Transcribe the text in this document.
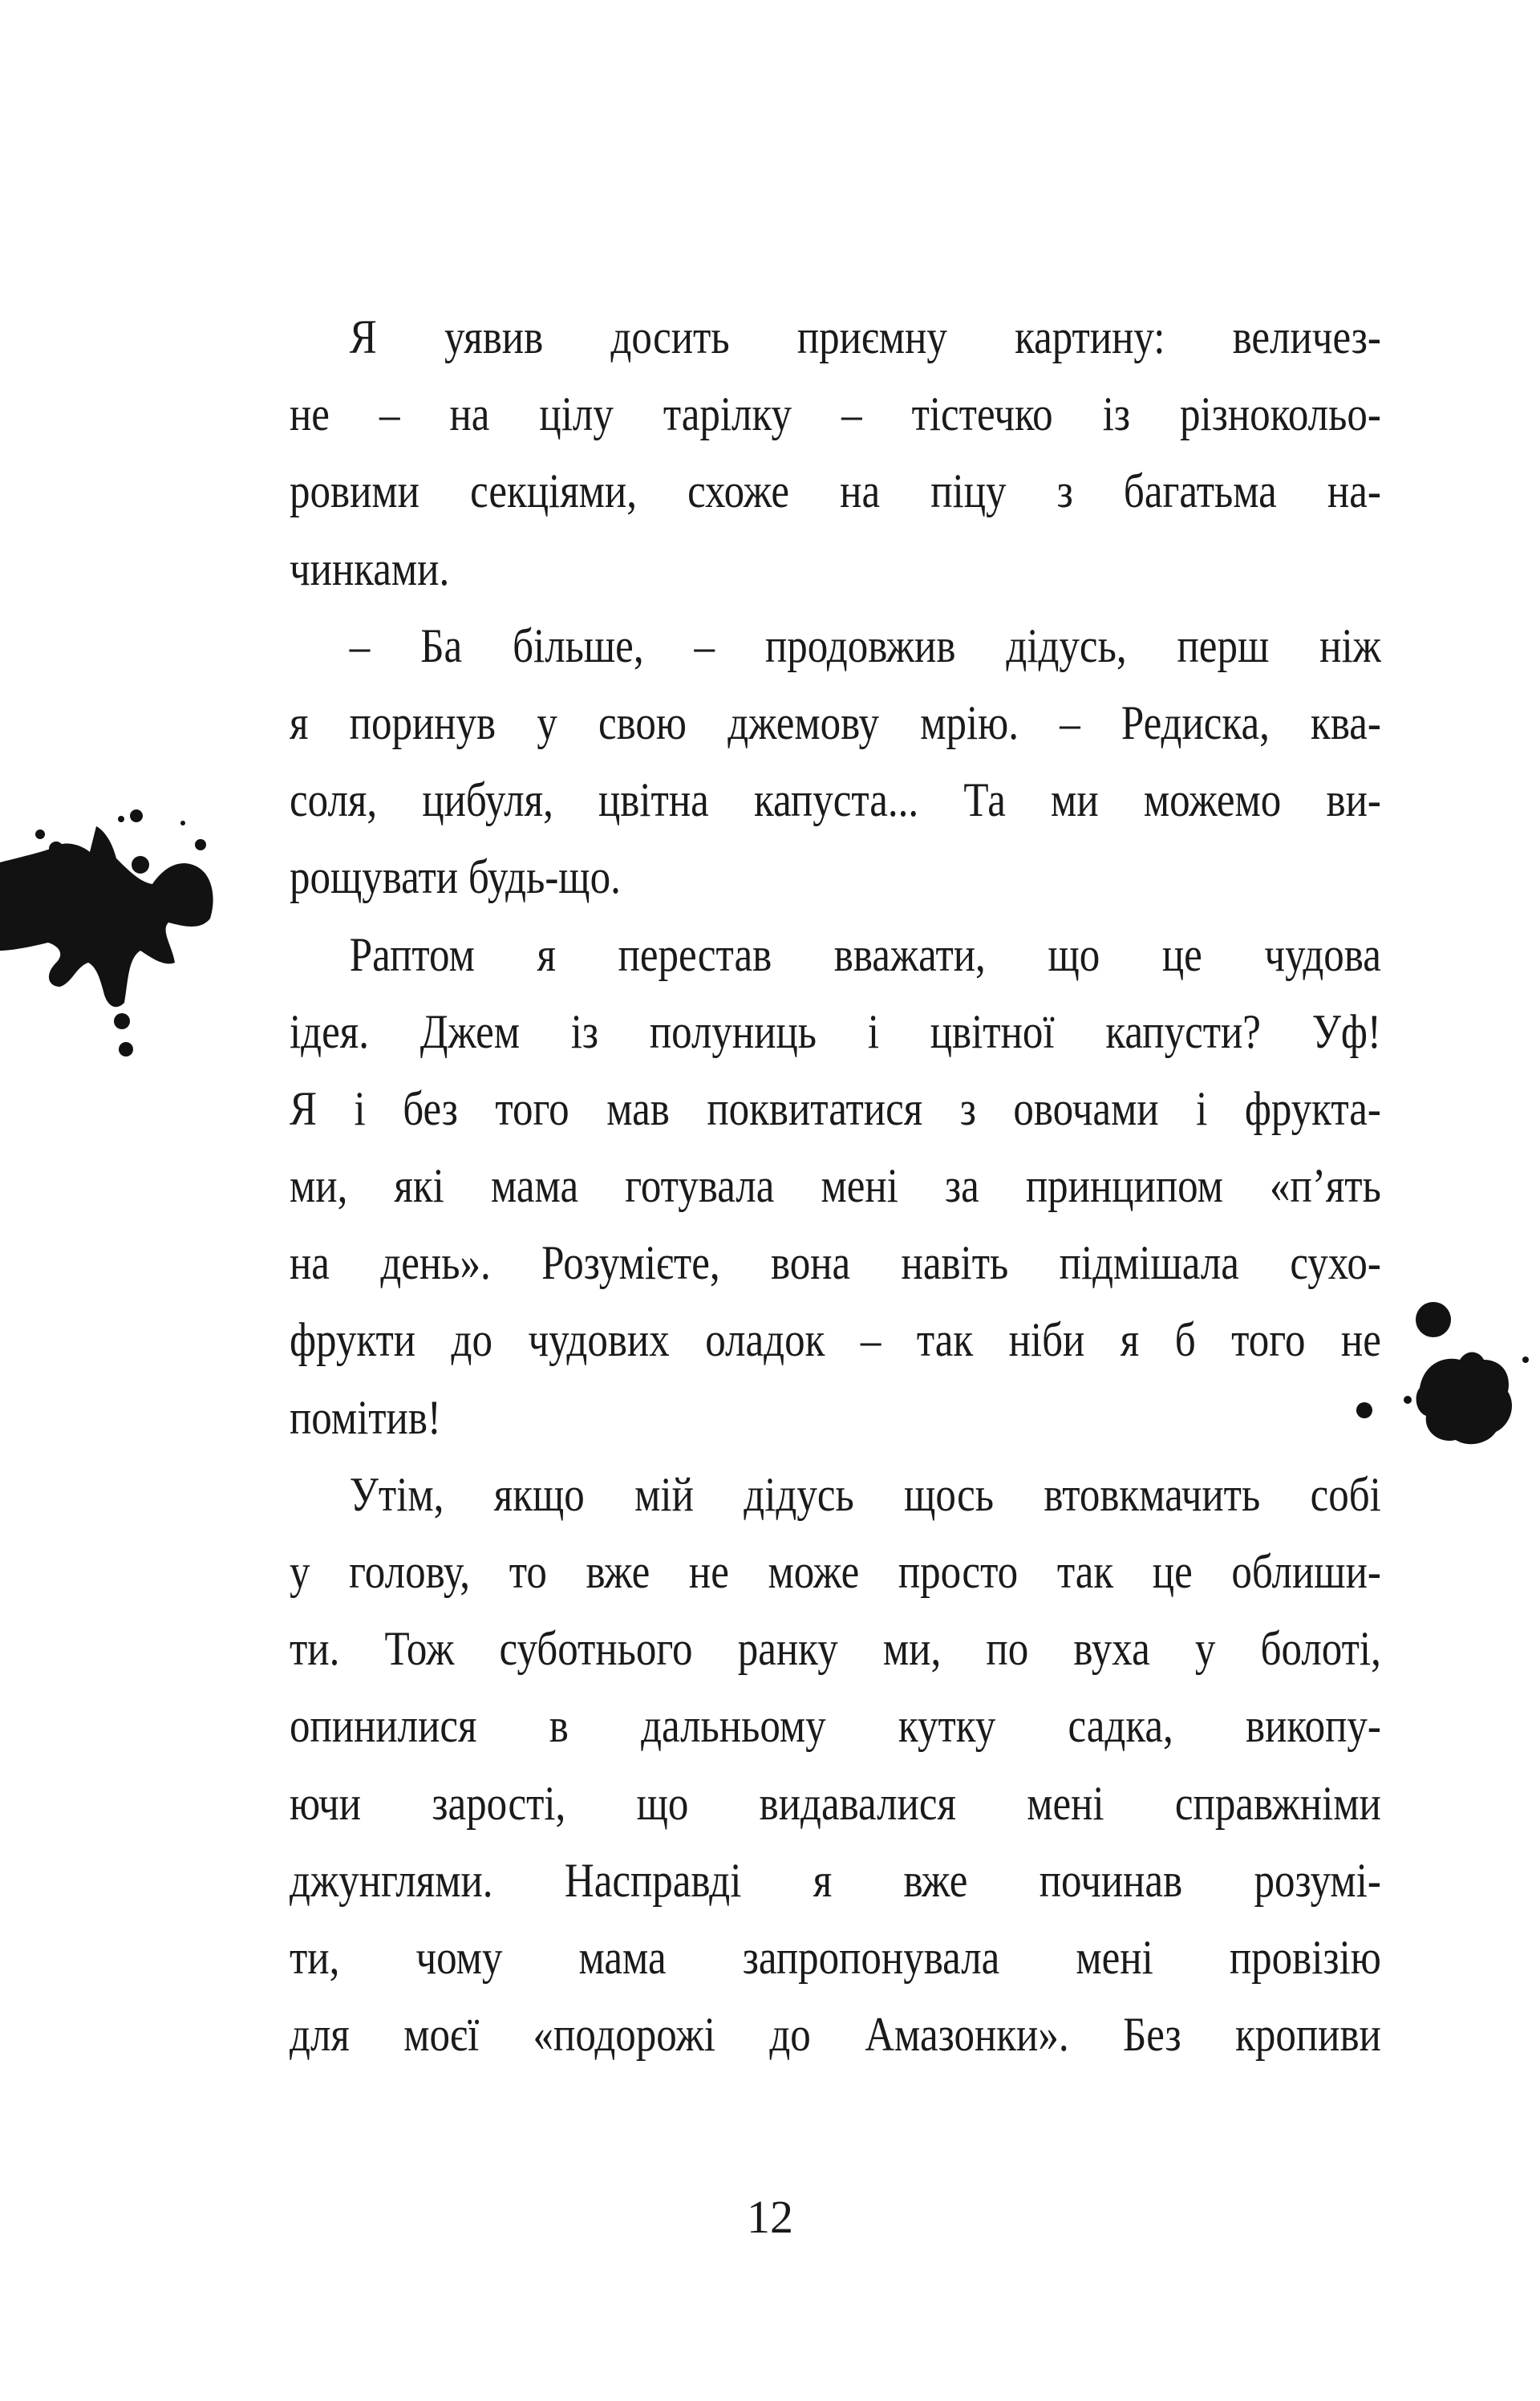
Я уявив досить приємну картину: величез-
не – на цілу тарілку – тістечко із різнокольо-
ровими секціями, схоже на піцу з багатьма на-
чинками.
– Ба більше, – продовжив дідусь, перш ніж
я поринув у свою джемову мрію. – Редиска, ква-
соля, цибуля, цвітна капуста... Та ми можемо ви-
рощувати будь-що.
Раптом я перестав вважати, що це чудова
ідея. Джем із полуниць і цвітної капусти? Уф!
Я і без того мав поквитатися з овочами і фрукта-
ми, які мама готувала мені за принципом «п’ять
на день». Розумієте, вона навіть підмішала сухо-
фрукти до чудових оладок – так ніби я б того не
помітив!
Утім, якщо мій дідусь щось втовкмачить собі
у голову, то вже не може просто так це облиши-
ти. Тож суботнього ранку ми, по вуха у болоті,
опинилися в дальньому кутку садка, викопу-
ючи зарості, що видавалися мені справжніми
джунглями. Насправді я вже починав розумі-
ти, чому мама запропонувала мені провізію
для моєї «подорожі до Амазонки». Без кропиви
12
